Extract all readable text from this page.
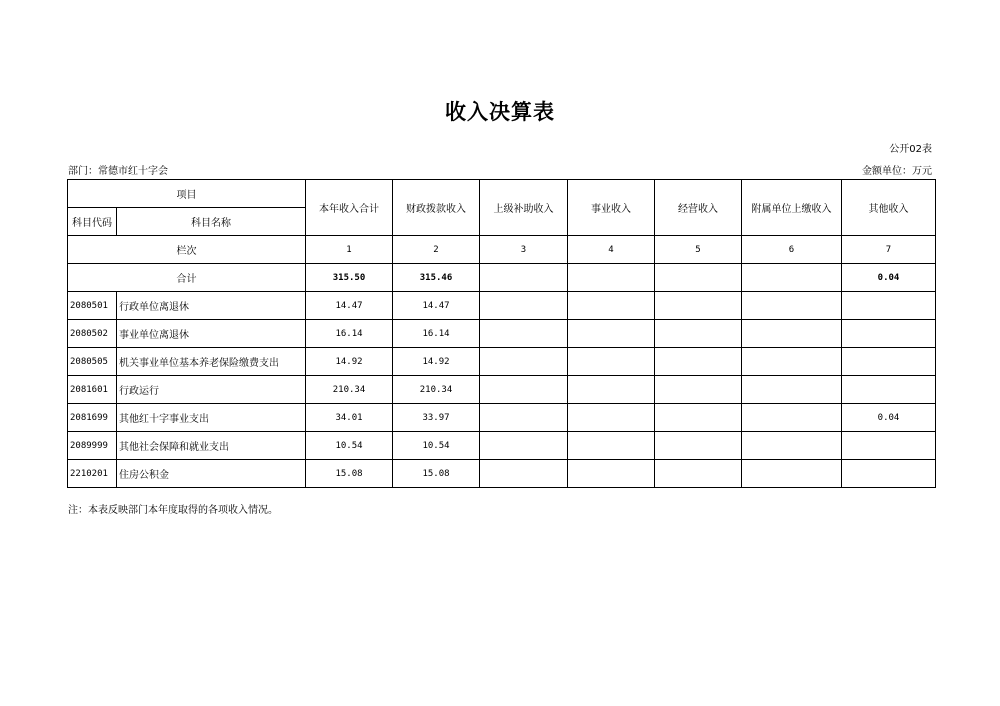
收入决算表
公开02表
部门：常德市红十字会	金额单位：万元
项目		本年收入合计	财政拨款收入	上级补助收入	事业收入	经营收入	附属单位上缴收入	其他收入
科目代码	科目名称							
栏次		1	2	3	4	5	6	7
合计		315.50	315.46					0.04
2080501	行政单位离退休	14.47	14.47					
2080502	事业单位离退休	16.14	16.14					
2080505	机关事业单位基本养老保险缴费支出	14.92	14.92					
2081601	行政运行	210.34	210.34					
2081699	其他红十字事业支出	34.01	33.97					0.04
2089999	其他社会保障和就业支出	10.54	10.54					
2210201	住房公积金	15.08	15.08					
注：本表反映部门本年度取得的各项收入情况。
